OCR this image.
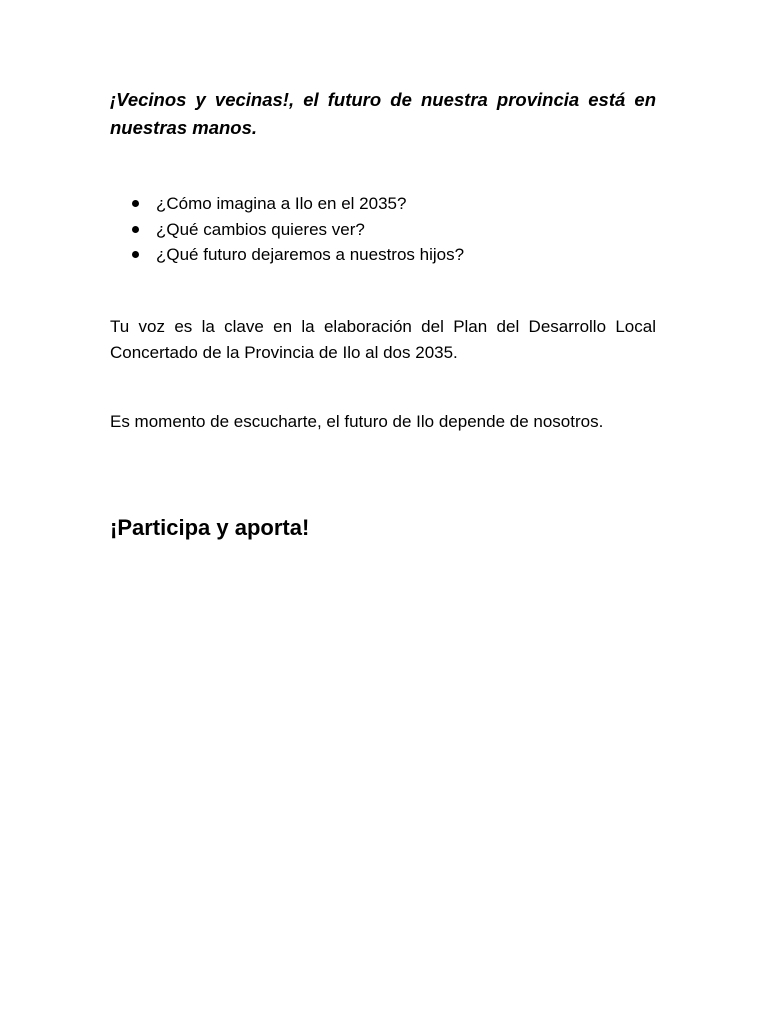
¡Vecinos y vecinas!, el futuro de nuestra provincia está en nuestras manos.

¿Cómo imagina a Ilo en el 2035?
¿Qué cambios quieres ver?
¿Qué futuro dejaremos a nuestros hijos?

Tu voz es la clave en la elaboración del Plan del Desarrollo Local Concertado de la Provincia de Ilo al dos 2035.

Es momento de escucharte, el futuro de Ilo depende de nosotros.

¡Participa y aporta!
